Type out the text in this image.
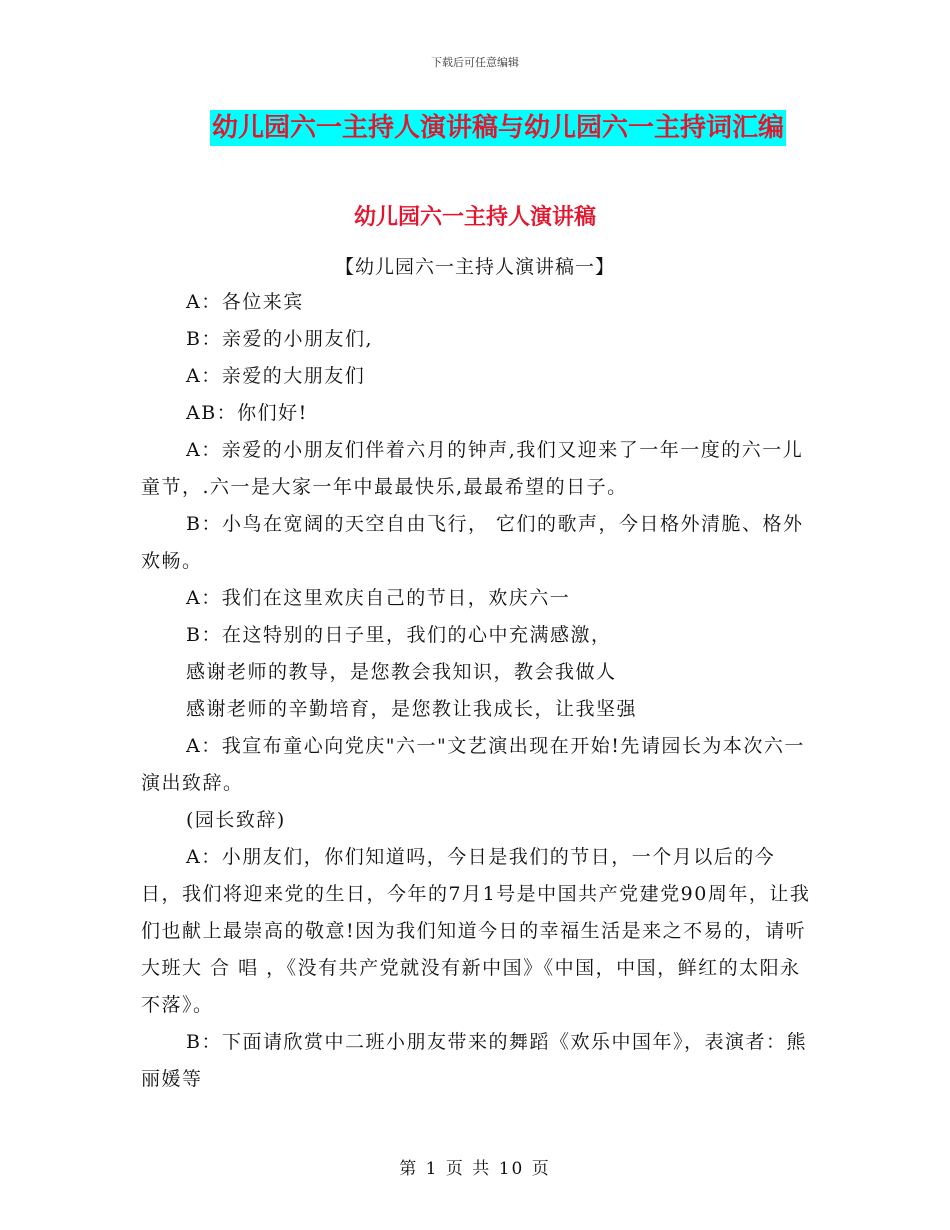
下载后可任意编辑
幼儿园六一主持人演讲稿与幼儿园六一主持词汇编
幼儿园六一主持人演讲稿
【幼儿园六一主持人演讲稿一】

A：各位来宾

B：亲爱的小朋友们,

A：亲爱的大朋友们

AB：你们好!

A：亲爱的小朋友们伴着六月的钟声,我们又迎来了一年一度的六一儿童节，.六一是大家一年中最最快乐,最最希望的日子。

B：小鸟在宽阔的天空自由飞行， 它们的歌声，今日格外清脆、格外欢畅。

A：我们在这里欢庆自己的节日，欢庆六一

B：在这特别的日子里，我们的心中充满感激，

感谢老师的教导，是您教会我知识，教会我做人

感谢老师的辛勤培育，是您教让我成长，让我坚强

A：我宣布童心向党庆"六一"文艺演出现在开始!先请园长为本次六一演出致辞。

(园长致辞)

A：小朋友们，你们知道吗，今日是我们的节日，一个月以后的今日，我们将迎来党的生日，今年的7月1号是中国共产党建党90周年，让我们也献上最崇高的敬意!因为我们知道今日的幸福生活是来之不易的，请听大班大 合 唱 ，《没有共产党就没有新中国》《中国，中国，鲜红的太阳永不落》。

B：下面请欣赏中二班小朋友带来的舞蹈《欢乐中国年》，表演者：熊丽媛等

第 1 页 共 10 页
